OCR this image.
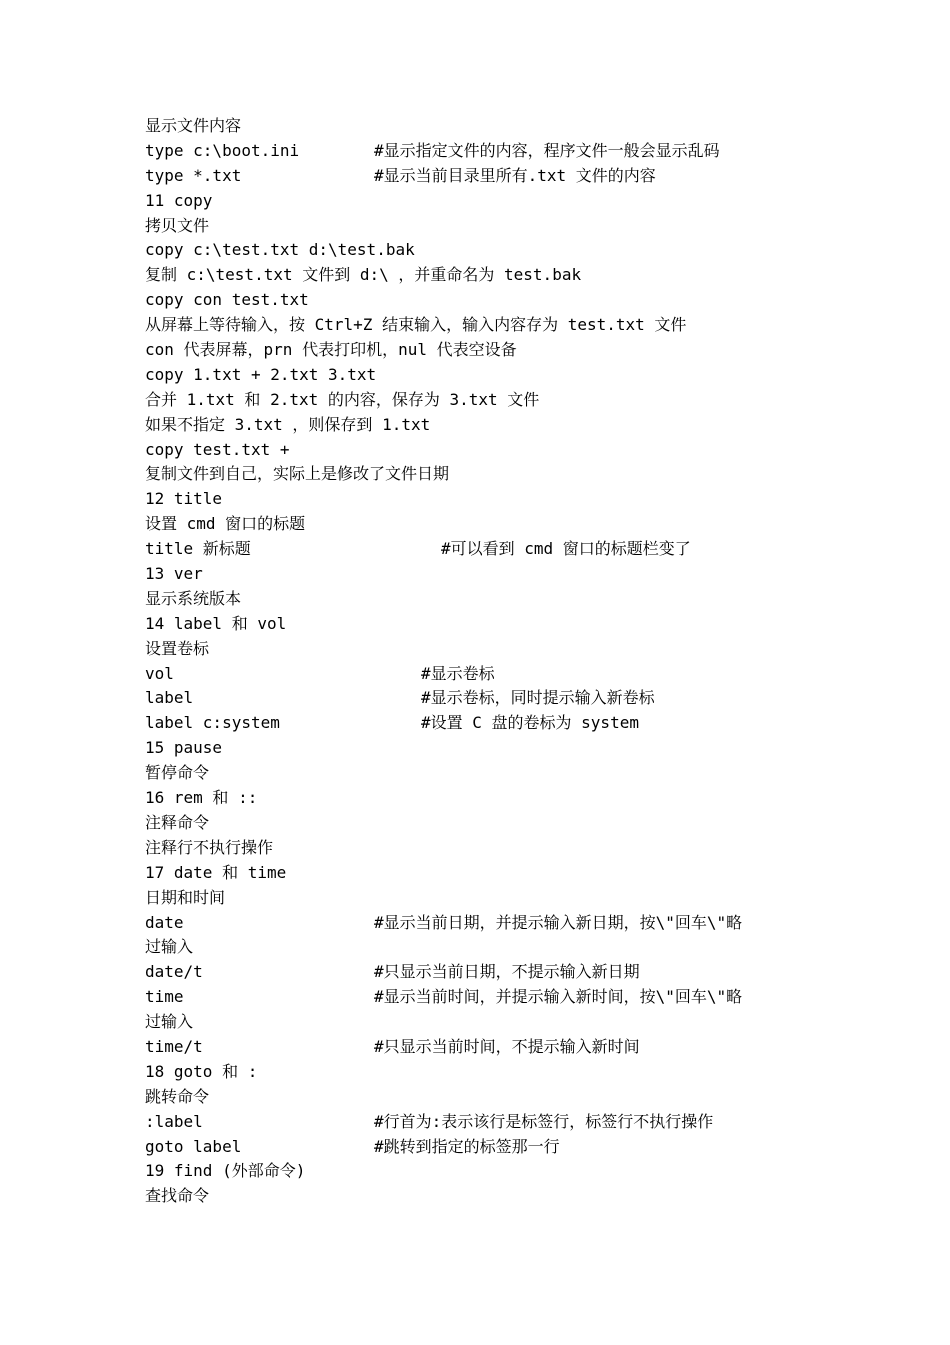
显示文件内容
type c:\boot.ini	#显示指定文件的内容，程序文件一般会显示乱码
type *.txt	#显示当前目录里所有.txt 文件的内容
11 copy
拷贝文件
copy c:\test.txt d:\test.bak
复制 c:\test.txt 文件到 d:\ ，并重命名为 test.bak
copy con test.txt
从屏幕上等待输入，按 Ctrl+Z 结束输入，输入内容存为 test.txt 文件
con 代表屏幕，prn 代表打印机，nul 代表空设备
copy 1.txt + 2.txt 3.txt
合并 1.txt 和 2.txt 的内容，保存为 3.txt 文件
如果不指定 3.txt ，则保存到 1.txt
copy test.txt +
复制文件到自己，实际上是修改了文件日期
12 title
设置 cmd 窗口的标题
title 新标题	#可以看到 cmd 窗口的标题栏变了
13 ver
显示系统版本
14 label 和 vol
设置卷标
vol	#显示卷标
label	#显示卷标，同时提示输入新卷标
label c:system	#设置 C 盘的卷标为 system
15 pause
暂停命令
16 rem 和 ::
注释命令
注释行不执行操作
17 date 和 time
日期和时间
date	#显示当前日期，并提示输入新日期，按\"回车\"略
过输入
date/t	#只显示当前日期，不提示输入新日期
time	#显示当前时间，并提示输入新时间，按\"回车\"略
过输入
time/t	#只显示当前时间，不提示输入新时间
18 goto 和 :
跳转命令
:label	#行首为:表示该行是标签行，标签行不执行操作
goto label	#跳转到指定的标签那一行
19 find (外部命令)
查找命令
